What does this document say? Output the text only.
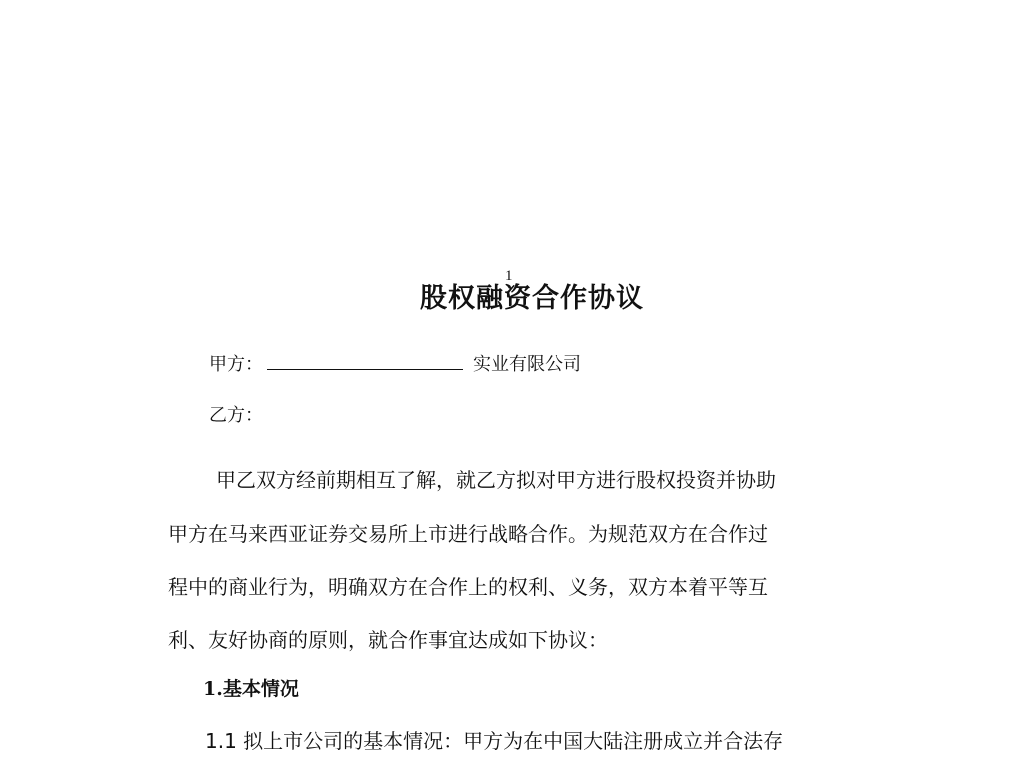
1
股权融资合作协议
甲方：	实业有限公司
乙方：
甲乙双方经前期相互了解，就乙方拟对甲方进行股权投资并协助
甲方在马来西亚证券交易所上市进行战略合作。为规范双方在合作过
程中的商业行为，明确双方在合作上的权利、义务，双方本着平等互
利、友好协商的原则，就合作事宜达成如下协议：
1.基本情况
1.1 拟上市公司的基本情况：甲方为在中国大陆注册成立并合法存
